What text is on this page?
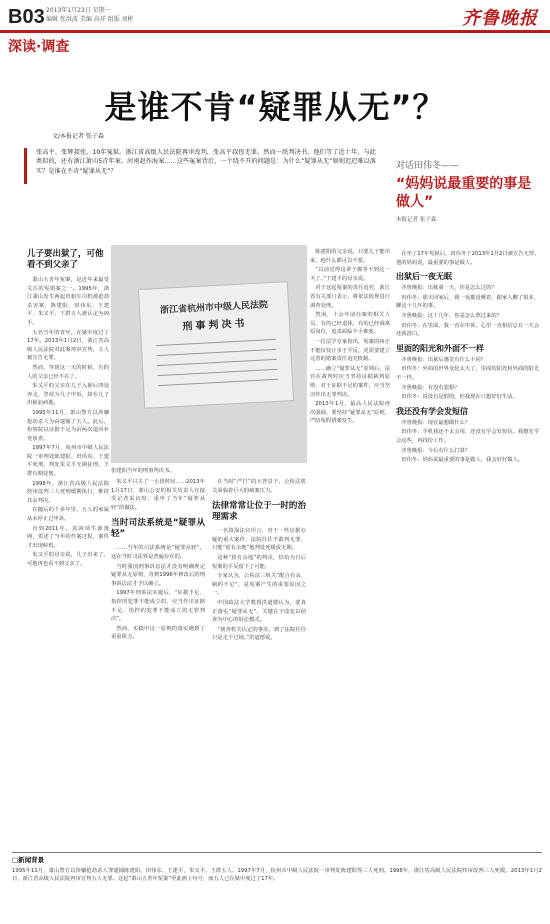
B03 2013年1月23日 星期一
编辑 张洪波 美编 高祥 组版 刘彬	齐鲁晚报
深读·调查
是谁不肯“疑罪从无”？
文/本报记者 张子森
张高平、张辉叔侄，10年冤狱。浙江省高级人民法院再审改判，张高平叔侄无罪。然而一纸判决书，他们等了近十年。与此类似的，还有浙江萧山5青年案、河南赵作海案……这些冤案背后，一个绕不开的问题是：为什么“疑罪从无”原则迟迟难以落实？是谁在不肯“疑罪从无”？
对话田伟冬——
“妈妈说最重要的事是做人”
本报记者 张子森

在坐了17年冤狱后，田伟冬于2013年1月2日被宣告无罪。他的妈妈说，最重要的事是做人。

出狱后一夜无眠

齐鲁晚报：出狱第一天，你是怎么过的？

田伟冬：那天回家后，我一夜都没睡着，跟家人聊了很多，聊这十几年的事。

齐鲁晚报：这十几年，你是怎么熬过来的？

田伟冬：在里面，我一直在申诉，心里一直相信总有一天会还我清白。

里面的阳光和外面不一样

齐鲁晚报：出狱后感觉有什么不同？

田伟冬：外面的世界变化太大了，里面的阳光和外面的阳光不一样。

齐鲁晚报：有没有怨恨？

田伟冬：说没有是假的，但我现在只想好好生活。

我还没有学会发短信

齐鲁晚报：现在最想做什么？

田伟冬：手机我还不太会用，还没有学会发短信。我想先学会这些，再找份工作。

齐鲁晚报：今后有什么打算？

田伟冬：妈妈说最重要的事是做人，我会好好做人。

儿子要出狱了，可他看不到父亲了

萧山五青年冤案，是近年来最受关注的冤错案之一。1995年，浙江萧山发生两起出租车司机被抢劫杀害案，陈建阳、田伟东、王建平、朱又平、王群五人被认定为凶手。

五名当年的青年，在狱中度过了17年。2013年1月2日，浙江省高级人民法院对此案再审宣判，五人被宣告无罪。

然而，等到这一天的时候，有的人的父亲已经不在了。

朱又平的父亲在儿子入狱后四处奔走，坚持为儿子申诉，却在儿子出狱前病逝。

1995年11月，萧山警方以涉嫌抢劫杀人为由逮捕了五人。此后，检察院以证据不足为由两次退回补充侦查。

1997年7月，杭州市中级人民法院一审判处陈建阳、田伟东、王建平死刑，判处朱又平无期徒刑，王群有期徒刑。

1998年，浙江省高级人民法院终审改判三人死刑缓期执行，维持其余判决。

在随后的十多年里，五人的家属从未停止过申诉。

直到2011年，真凶项生源落网，供述了当年的作案过程，案件才出现转机。

朱又平的母亲说，儿子出来了，可他再也看不到父亲了。

浙江省杭州市中级人民法院
刑事判决书
张建阳当年的刑事判决书。

朱又平只关了一小段时间……2013年1月17日，萧山公安的相关负责人在接受记者采访时，重申了当年“疑罪从轻”的做法。

当时司法系统是“疑罪从轻”

……当年的司法系统是“疑罪从轻”，这在当时司法界是普遍存在的。

当时我国刑事诉讼法并没有明确规定疑罪从无原则，直到1996年修改后的刑事诉讼法才予以确立。

1997年刑诉法实施后，“证据不足、指控的犯罪不能成立的，应当作出证据不足、指控的犯罪不能成立的无罪判决”。

然而，实践中这一原则的落实遇到了重重阻力。

在当时“严打”的大背景下，公检法机关面临着巨大的破案压力。

法律常常让位于一时的治理需求

一名资深法官坦言，对于一些证据存疑的重大案件，法院往往不敢判无罪，只能“留有余地”地判处死缓或无期。

这种“留有余地”的判决，恰恰为日后冤案的平反留下了可能。

专家认为，公检法三机关“配合有余、制约不足”，是冤案产生的重要原因之一。

中国政法大学教授洪道德认为，要真正落实“疑罪从无”，关键在于改变以侦查为中心的诉讼模式。

“侦查机关认定的事实，到了法院往往只是走个过场。”洪道德说。

陈建阳的父亲说，只要儿子能出来，他什么都可以不要。

“以前觉得这辈子都等不到这一天了。”王建平的母亲说。

对于这起冤案的责任追究，浙江省有关部门表示，将依法依规进行调查处理。

然而，十余年前办案的相关人员，有的已经退休，有的已经调离原岗位，追责面临不小难度。

一位法学专家指出，冤案的纠正不能仅仅止步于平反，更需要建立完善的错案责任追究机制。

……确立“疑罪从无”原则后，法官在裁判时应当坚持证据裁判原则，对于证据不足的案件，应当坚决作出无罪判决。

2013年1月，最高人民法院再次强调，要坚持“疑罪从无”原则，严防冤假错案发生。

□新闻背景
1995年11月，萧山警方以涉嫌抢劫杀人罪逮捕陈建阳、田伟东、王建平、朱又平、王群五人。1997年7月，杭州市中级人民法院一审判处陈建阳等三人死刑。1998年，浙江省高级人民法院终审改判三人死缓。2013年1月2日，浙江省高级人民法院再审宣判五人无罪。这起“萧山五青年冤案”至此画上句号，而五人已在狱中度过了17年。
